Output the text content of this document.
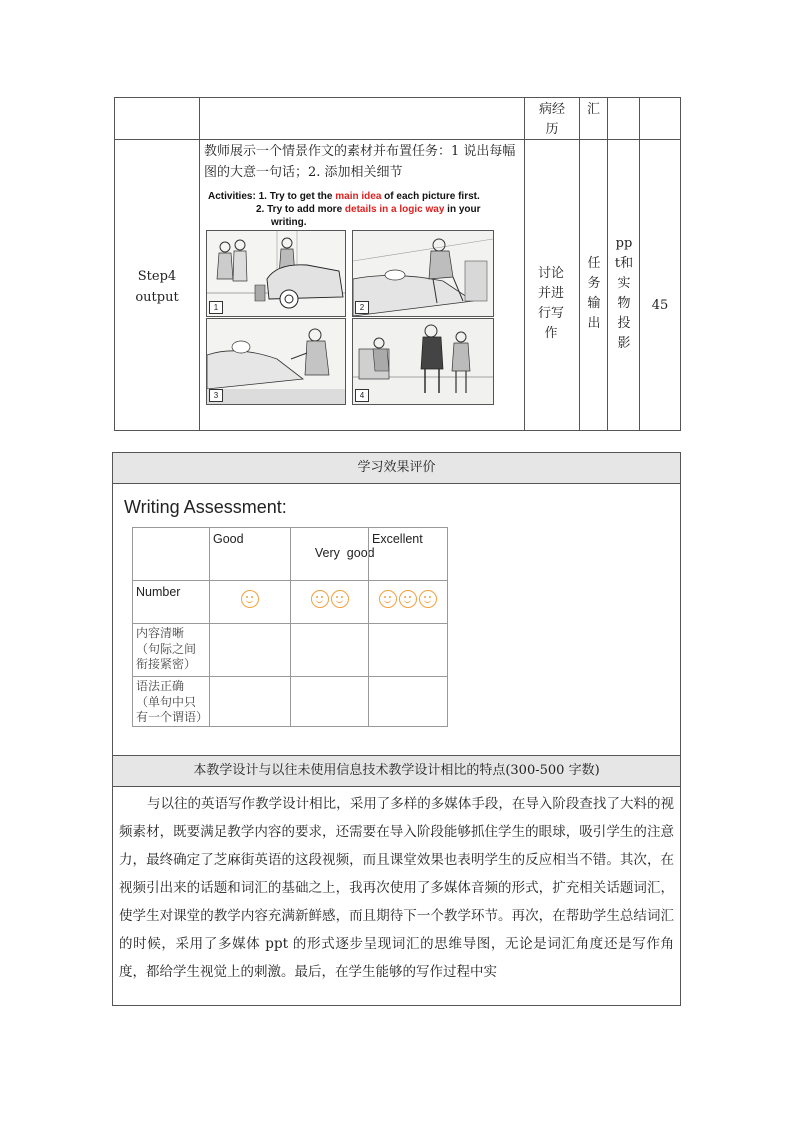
病经历
汇
Step4 output
教师展示一个情景作文的素材并布置任务：1 说出每幅图的大意一句话；2. 添加相关细节
Activities: 1. Try to get the main idea of each picture first.
2. Try to add more details in a logic way in your
writing.
1	2
3	4
讨论并进行写作
任务输出
ppt和实物投影
45
学习效果评价
Writing Assessment:
Good

Very  good

Excellent
Number
内容清晰（句际之间衔接紧密）
语法正确（单句中只有一个谓语）
本教学设计与以往未使用信息技术教学设计相比的特点(300-500 字数)
与以往的英语写作教学设计相比，采用了多样的多媒体手段，在导入阶段查找了大料的视频素材，既要满足教学内容的要求，还需要在导入阶段能够抓住学生的眼球，吸引学生的注意力，最终确定了芝麻街英语的这段视频，而且课堂效果也表明学生的反应相当不错。其次，在视频引出来的话题和词汇的基础之上，我再次使用了多媒体音频的形式，扩充相关话题词汇， 使学生对课堂的教学内容充满新鲜感，而且期待下一个教学环节。再次，在帮助学生总结词汇的时候，采用了多媒体 ppt 的形式逐步呈现词汇的思维导图，无论是词汇角度还是写作角度，都给学生视觉上的刺激。最后，在学生能够的写作过程中实
